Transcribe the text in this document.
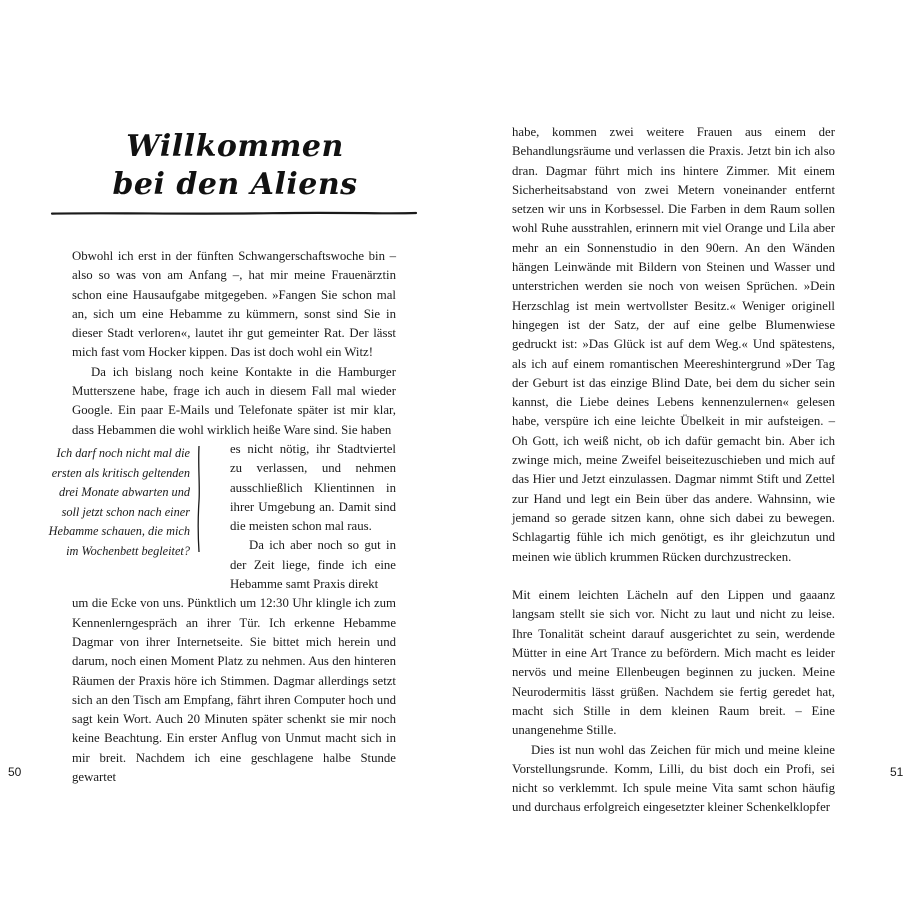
Willkommen
bei den Aliens
Ich darf noch nicht mal die ersten als kritisch geltenden drei Monate abwarten und soll jetzt schon nach einer Hebamme schauen, die mich im Wochenbett begleitet?

Obwohl ich erst in der fünften Schwangerschaftswoche bin – also so was von am Anfang –, hat mir meine Frauenärztin schon eine Hausaufgabe mitgegeben. »Fangen Sie schon mal an, sich um eine Hebamme zu kümmern, sonst sind Sie in dieser Stadt verloren«, lautet ihr gut gemeinter Rat. Der lässt mich fast vom Hocker kippen. Das ist doch wohl ein Witz!

Da ich bislang noch keine Kontakte in die Hamburger Mutterszene habe, frage ich auch in diesem Fall mal wieder Google. Ein paar E-Mails und Telefonate später ist mir klar, dass Hebammen die wohl wirklich heiße Ware sind. Sie haben

es nicht nötig, ihr Stadtviertel zu verlassen, und nehmen ausschließlich Klientinnen in ihrer Umgebung an. Damit sind die meisten schon mal raus.

Da ich aber noch so gut in der Zeit liege, finde ich eine Hebamme samt Praxis direkt

um die Ecke von uns. Pünktlich um 12:30 Uhr klingle ich zum Kennenlerngespräch an ihrer Tür. Ich erkenne Hebamme Dagmar von ihrer Internetseite. Sie bittet mich herein und darum, noch einen Moment Platz zu nehmen. Aus den hinteren Räumen der Praxis höre ich Stimmen. Dagmar allerdings setzt sich an den Tisch am Empfang, fährt ihren Computer hoch und sagt kein Wort. Auch 20 Minuten später schenkt sie mir noch keine Beachtung. Ein erster Anflug von Unmut macht sich in mir breit. Nachdem ich eine geschlagene halbe Stunde gewartet

50

habe, kommen zwei weitere Frauen aus einem der Behandlungsräume und verlassen die Praxis. Jetzt bin ich also dran. Dagmar führt mich ins hintere Zimmer. Mit einem Sicherheitsabstand von zwei Metern voneinander entfernt setzen wir uns in Korbsessel. Die Farben in dem Raum sollen wohl Ruhe ausstrahlen, erinnern mit viel Orange und Lila aber mehr an ein Sonnenstudio in den 90ern. An den Wänden hängen Leinwände mit Bildern von Steinen und Wasser und unterstrichen werden sie noch von weisen Sprüchen. »Dein Herzschlag ist mein wertvollster Besitz.« Weniger originell hingegen ist der Satz, der auf eine gelbe Blumenwiese gedruckt ist: »Das Glück ist auf dem Weg.« Und spätestens, als ich auf einem romantischen Meereshintergrund »Der Tag der Geburt ist das einzige Blind Date, bei dem du sicher sein kannst, die Liebe deines Lebens kennenzulernen« gelesen habe, verspüre ich eine leichte Übelkeit in mir aufsteigen. – Oh Gott, ich weiß nicht, ob ich dafür gemacht bin. Aber ich zwinge mich, meine Zweifel beiseitezuschieben und mich auf das Hier und Jetzt einzulassen. Dagmar nimmt Stift und Zettel zur Hand und legt ein Bein über das andere. Wahnsinn, wie jemand so gerade sitzen kann, ohne sich dabei zu bewegen. Schlagartig fühle ich mich genötigt, es ihr gleichzutun und meinen wie üblich krummen Rücken durchzustrecken.

Mit einem leichten Lächeln auf den Lippen und gaaanz langsam stellt sie sich vor. Nicht zu laut und nicht zu leise. Ihre Tonalität scheint darauf ausgerichtet zu sein, werdende Mütter in eine Art Trance zu befördern. Mich macht es leider nervös und meine Ellenbeugen beginnen zu jucken. Meine Neurodermitis lässt grüßen. Nachdem sie fertig geredet hat, macht sich Stille in dem kleinen Raum breit. – Eine unangenehme Stille.

Dies ist nun wohl das Zeichen für mich und meine kleine Vorstellungsrunde. Komm, Lilli, du bist doch ein Profi, sei nicht so verklemmt. Ich spule meine Vita samt schon häufig und durchaus erfolgreich eingesetzter kleiner Schenkelklopfer

51
